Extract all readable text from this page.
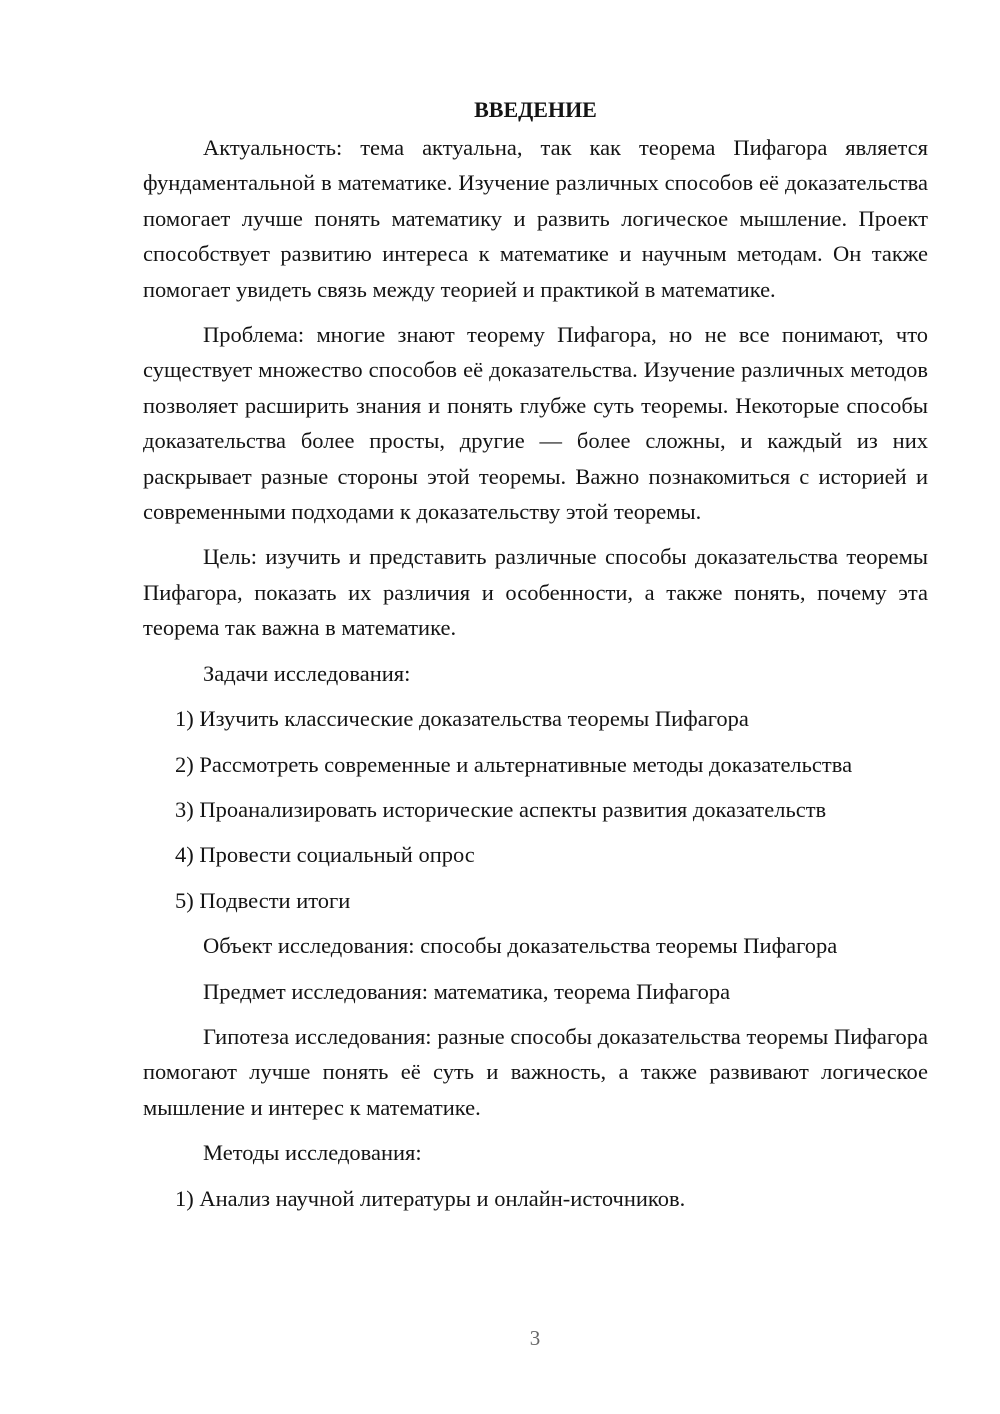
ВВЕДЕНИЕ

Актуальность: тема актуальна, так как теорема Пифагора является фундаментальной в математике. Изучение различных способов её доказательства помогает лучше понять математику и развить логическое мышление. Проект способствует развитию интереса к математике и научным методам. Он также помогает увидеть связь между теорией и практикой в математике.

Проблема: многие знают теорему Пифагора, но не все понимают, что существует множество способов её доказательства. Изучение различных методов позволяет расширить знания и понять глубже суть теоремы. Некоторые способы доказательства более просты, другие — более сложны, и каждый из них раскрывает разные стороны этой теоремы. Важно познакомиться с историей и современными подходами к доказательству этой теоремы.

Цель: изучить и представить различные способы доказательства теоремы Пифагора, показать их различия и особенности, а также понять, почему эта теорема так важна в математике.

Задачи исследования:
1) Изучить классические доказательства теоремы Пифагора
2) Рассмотреть современные и альтернативные методы доказательства
3) Проанализировать исторические аспекты развития доказательств
4) Провести социальный опрос
5) Подвести итоги
Объект исследования: способы доказательства теоремы Пифагора
Предмет исследования: математика, теорема Пифагора

Гипотеза исследования: разные способы доказательства теоремы Пифагора помогают лучше понять её суть и важность, а также развивают логическое мышление и интерес к математике.

Методы исследования:
1) Анализ научной литературы и онлайн-источников.
3
